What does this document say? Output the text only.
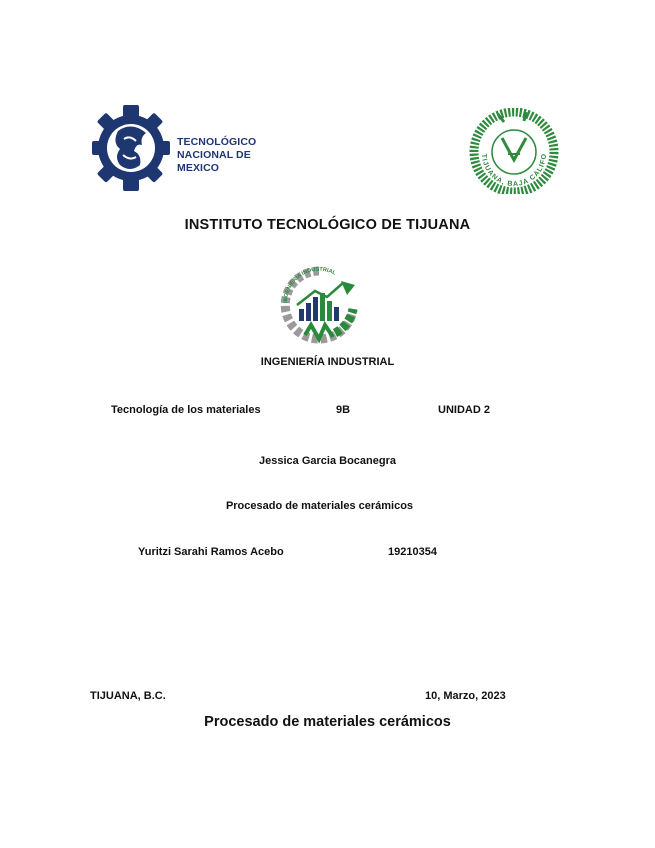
TECNOLÓGICO
NACIONAL DE MEXICO
TIJUANA, BAJA CALIFO
INSTITUTO TECNOLÓGICO DE TIJUANA
INGENIERÍA INDUSTRIAL
INGENIERÍA INDUSTRIAL
Tecnología de los materiales	9B	UNIDAD 2
Jessica Garcia Bocanegra
Procesado de materiales cerámicos
Yuritzi Sarahi Ramos Acebo	19210354
TIJUANA, B.C.	10, Marzo, 2023
Procesado de materiales cerámicos
